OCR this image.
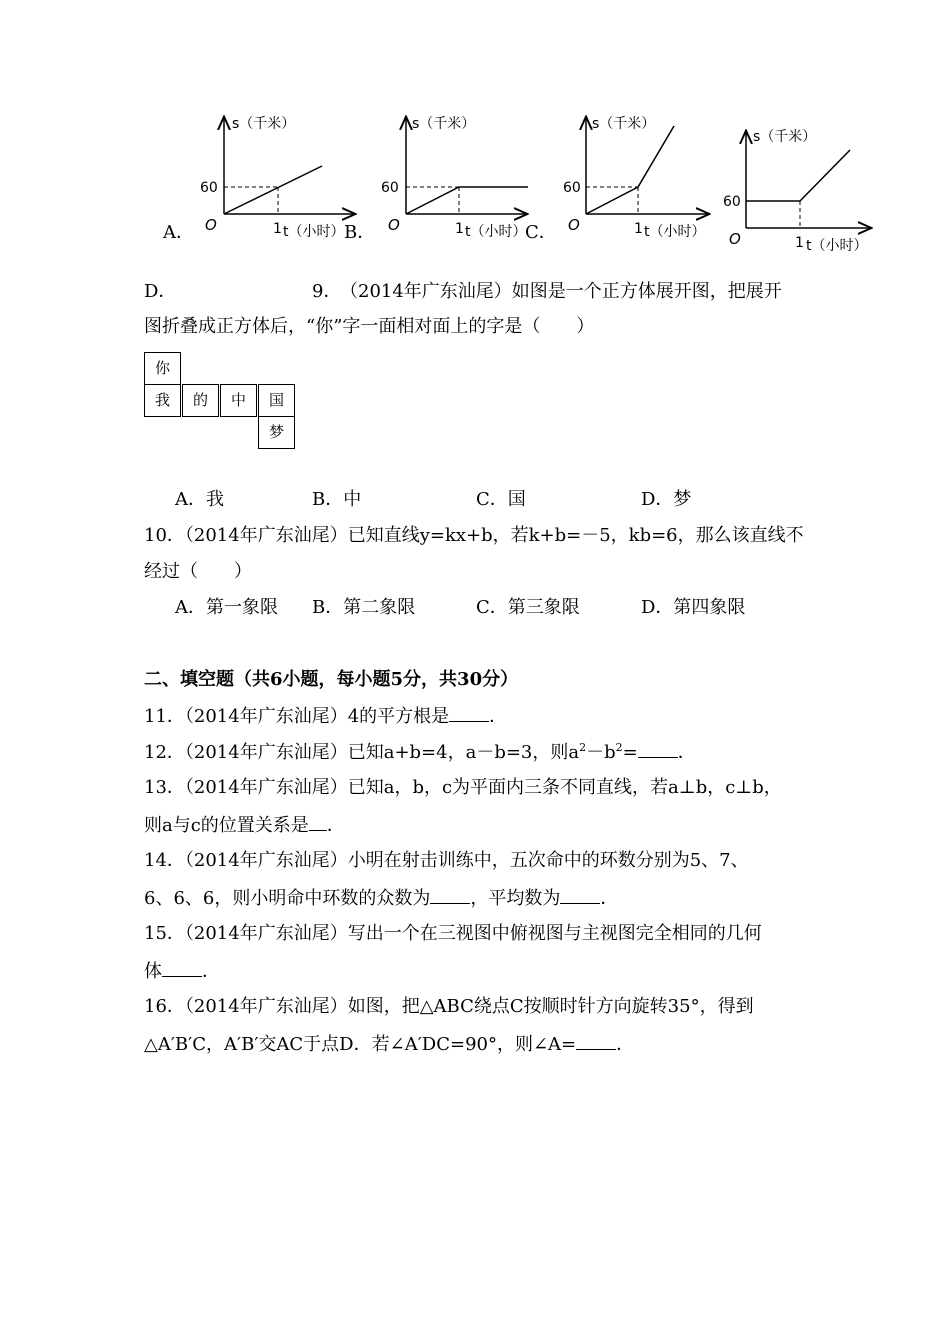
s（千米）
60
O	1 t（小时）
s（千米）
60
O	1 t（小时）
s（千米）
60
O	1 t（小时）
s（千米）
60
O	1 t（小时）
A．	B．	C．
D．	9．
（2014年广东汕尾）如图是一个正方体展开图，把展开
图折叠成正方体后，“你”字一面相对面上的字是（　　）
你
我	的	中	国
梦
A．我	B．中	C．国	D．梦
10．（2014年广东汕尾）已知直线y=kx+b，若k+b=－5，kb=6，那么该直线不
经过（　　）
A．第一象限 B．第二象限	C．第三象限	D．第四象限
二、填空题（共6小题，每小题5分，共30分）
11．（2014年广东汕尾）4的平方根是 ．
12．（2014年广东汕尾）已知a+b=4，a－b=3，则$a^2-b^2=$ ．
13．（2014年广东汕尾）已知a，b，c为平面内三条不同直线，若a⊥b，c⊥b，
则a与c的位置关系是 ．
14．（2014年广东汕尾）小明在射击训练中，五次命中的环数分别为5、7、
6、6、6，则小明命中环数的众数为 ，平均数为 ．
15．（2014年广东汕尾）写出一个在三视图中俯视图与主视图完全相同的几何
体 ．
16．（2014年广东汕尾）如图，把△ABC绕点C按顺时针方向旋转35°，得到
△A′B′C，A′B′交AC于点D．若∠A′DC=90°，则∠A= ．
